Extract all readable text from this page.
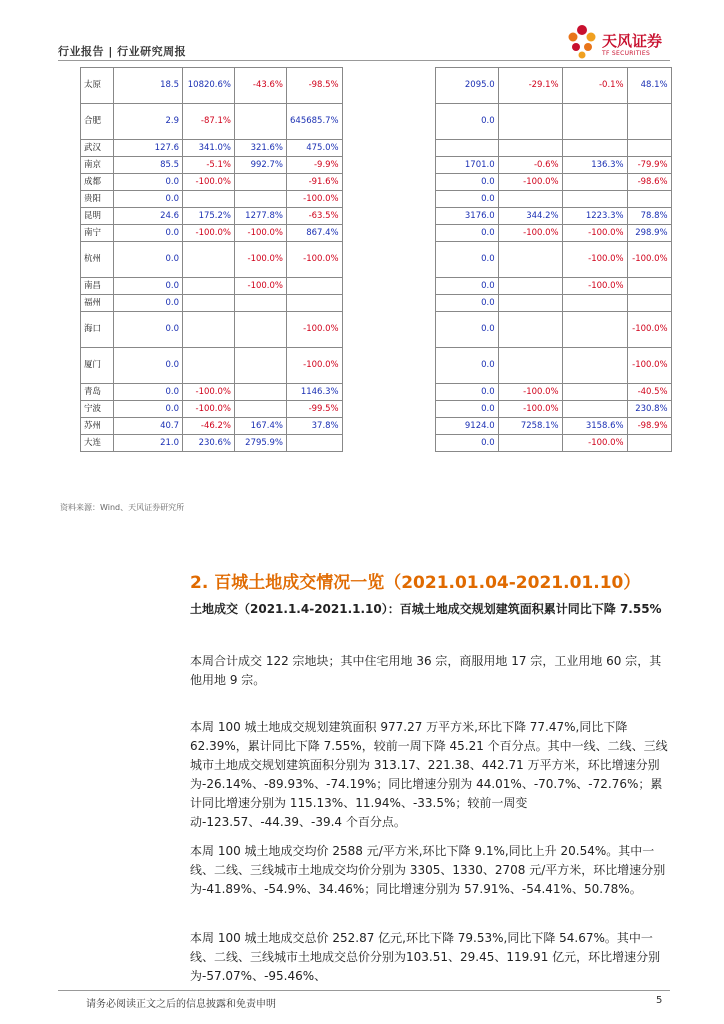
行业报告 | 行业研究周报
天风证券
TF SECURITIES
太原	18.5	10820.6%	-43.6%	-98.5%		2095.0	-29.1%	-0.1%	48.1%
合肥	2.9	-87.1%		645685.7%		0.0			
武汉	127.6	341.0%	321.6%	475.0%					
南京	85.5	-5.1%	992.7%	-9.9%		1701.0	-0.6%	136.3%	-79.9%
成都	0.0	-100.0%		-91.6%		0.0	-100.0%		-98.6%
贵阳	0.0			-100.0%		0.0			
昆明	24.6	175.2%	1277.8%	-63.5%		3176.0	344.2%	1223.3%	78.8%
南宁	0.0	-100.0%	-100.0%	867.4%		0.0	-100.0%	-100.0%	298.9%
杭州	0.0		-100.0%	-100.0%		0.0		-100.0%	-100.0%
南昌	0.0		-100.0%			0.0		-100.0%	
福州	0.0					0.0			
海口	0.0			-100.0%		0.0			-100.0%
厦门	0.0			-100.0%		0.0			-100.0%
青岛	0.0	-100.0%		1146.3%		0.0	-100.0%		-40.5%
宁波	0.0	-100.0%		-99.5%		0.0	-100.0%		230.8%
苏州	40.7	-46.2%	167.4%	37.8%		9124.0	7258.1%	3158.6%	-98.9%
大连	21.0	230.6%	2795.9%			0.0		-100.0%	
资料来源：Wind、天风证券研究所
2. 百城土地成交情况一览（2021.01.04-2021.01.10）
土地成交（2021.1.4-2021.1.10）：百城土地成交规划建筑面积累计同比下降 7.55%
本周合计成交 122 宗地块；其中住宅用地 36 宗，商服用地 17 宗，工业用地 60 宗，其他用地 9 宗。
本周 100 城土地成交规划建筑面积 977.27 万平方米,环比下降 77.47%,同比下降 62.39%，累计同比下降 7.55%，较前一周下降 45.21 个百分点。其中一线、二线、三线城市土地成交规划建筑面积分别为 313.17、221.38、442.71 万平方米，环比增速分别为-26.14%、-89.93%、-74.19%；同比增速分别为 44.01%、-70.7%、-72.76%；累计同比增速分别为 115.13%、11.94%、-33.5%；较前一周变动-123.57、-44.39、-39.4 个百分点。
本周 100 城土地成交均价 2588 元/平方米,环比下降 9.1%,同比上升 20.54%。其中一线、二线、三线城市土地成交均价分别为 3305、1330、2708 元/平方米，环比增速分别为-41.89%、-54.9%、34.46%；同比增速分别为 57.91%、-54.41%、50.78%。
本周 100 城土地成交总价 252.87 亿元,环比下降 79.53%,同比下降 54.67%。其中一线、二线、三线城市土地成交总价分别为103.51、29.45、119.91 亿元，环比增速分别为-57.07%、-95.46%、
请务必阅读正文之后的信息披露和免责申明	5
